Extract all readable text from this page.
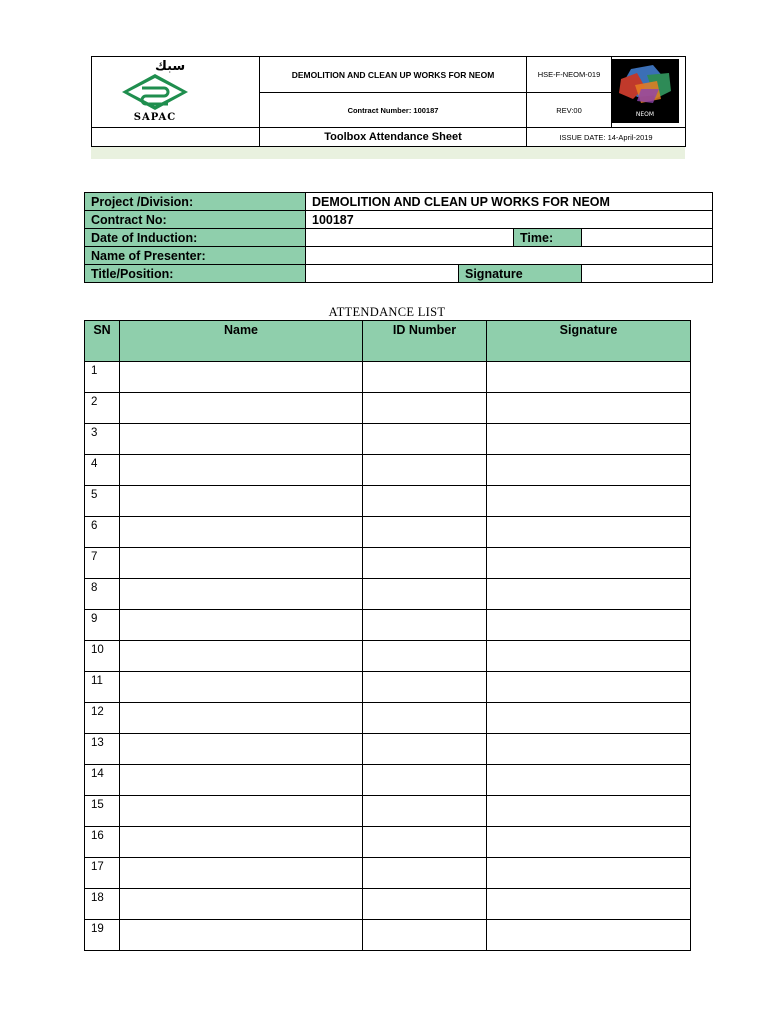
	DEMOLITION AND CLEAN UP WORKS FOR NEOM	HSE-F-NEOM-019	
	Contract Number: 100187	REV:00	
	Toolbox Attendance Sheet	ISSUE DATE: 14-April-2019	
سبك
SAPAC	NEOM
Project /Division:	DEMOLITION AND CLEAN UP WORKS FOR NEOM			
Contract No:	100187			
Date of Induction:			Time:	
Name of Presenter:				
Title/Position:		Signature		
ATTENDANCE LIST
SN	Name	ID Number	Signature
1			
2			
3			
4			
5			
6			
7			
8			
9			
10			
11			
12			
13			
14			
15			
16			
17			
18			
19			
